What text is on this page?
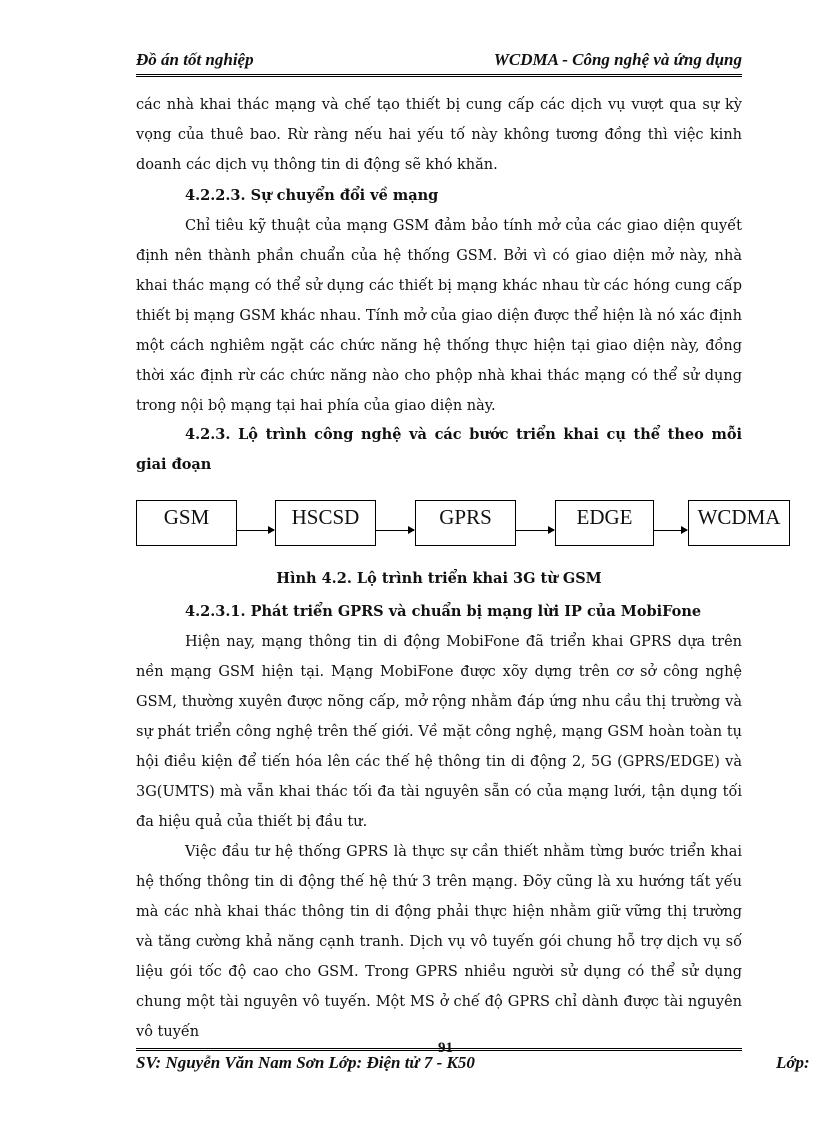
Đồ án tốt nghiệp	WCDMA - Công nghệ và ứng dụng
các nhà khai thác mạng và chế tạo thiết bị cung cấp các dịch vụ vượt qua sự kỳ vọng của thuê bao. Rừ ràng nếu hai yếu tố này không tương đồng thì việc kinh doanh các dịch vụ thông tin di động sẽ khó khăn.
4.2.2.3. Sự chuyển đổi về mạng
Chỉ tiêu kỹ thuật của mạng GSM đảm bảo tính mở của các giao diện quyết định nên thành phần chuẩn của hệ thống GSM. Bởi vì có giao diện mở này, nhà khai thác mạng có thể sử dụng các thiết bị mạng khác nhau từ các hóng cung cấp thiết bị mạng GSM khác nhau. Tính mở của giao diện được thể hiện là nó xác định một cách nghiêm ngặt các chức năng hệ thống thực hiện tại giao diện này, đồng thời xác định rừ các chức năng nào cho phộp nhà khai thác mạng có thể sử dụng trong nội bộ mạng tại hai phía của giao diện này.
4.2.3. Lộ trình công nghệ và các bước triển khai cụ thể theo mỗi giai đoạn
GSM	HSCSD	GPRS	EDGE	WCDMA
Hình 4.2. Lộ trình triển khai 3G từ GSM
4.2.3.1. Phát triển GPRS và chuẩn bị mạng lừi IP của MobiFone
Hiện nay, mạng thông tin di động MobiFone đã triển khai GPRS dựa trên nền mạng GSM hiện tại. Mạng MobiFone được xõy dựng trên cơ sở công nghệ GSM, thường xuyên được nõng cấp, mở rộng nhằm đáp ứng nhu cầu thị trường và sự phát triển công nghệ trên thế giới. Về mặt công nghệ, mạng GSM hoàn toàn tụ hội điều kiện để tiến hóa lên các thế hệ thông tin di động 2, 5G (GPRS/EDGE) và 3G(UMTS) mà vẫn khai thác tối đa tài nguyên sẵn có của mạng lưới, tận dụng tối đa hiệu quả của thiết bị đầu tư.
Việc đầu tư hệ thống GPRS là thực sự cần thiết nhằm từng bước triển khai hệ thống thông tin di động thế hệ thứ 3 trên mạng. Đõy cũng là xu hướng tất yếu mà các nhà khai thác thông tin di động phải thực hiện nhằm giữ vững thị trường và tăng cường khả năng cạnh tranh. Dịch vụ vô tuyến gói chung hỗ trợ dịch vụ số liệu gói tốc độ cao cho GSM. Trong GPRS nhiều người sử dụng có thể sử dụng chung một tài nguyên vô tuyến. Một MS ở chế độ GPRS chỉ dành được tài nguyên vô tuyến
91
SV: Nguyễn Văn Nam Sơn Lớp: Điện tử 7 - K50	Lớp:
